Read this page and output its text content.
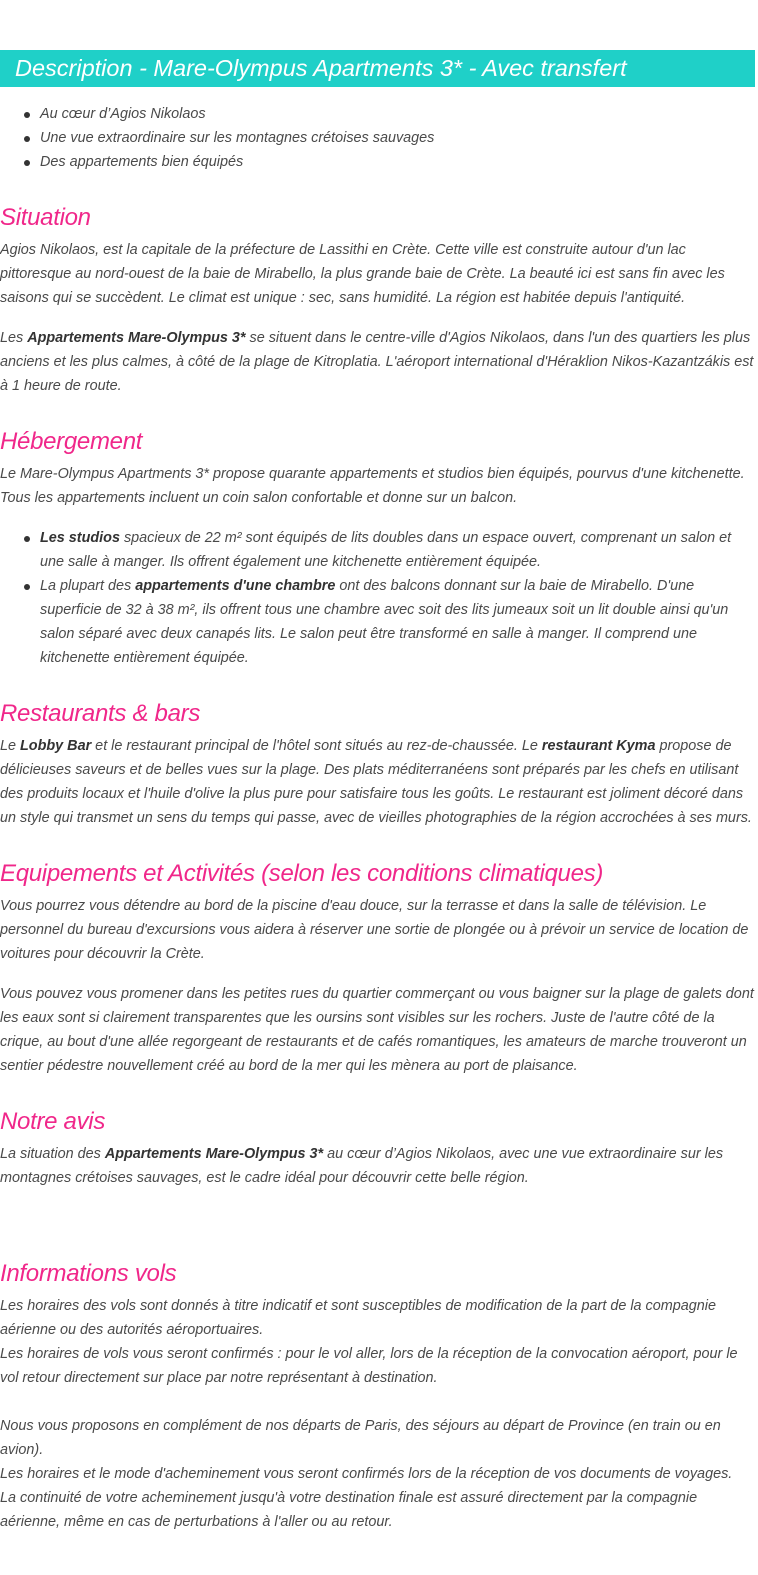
Description - Mare-Olympus Apartments 3* - Avec transfert
Au cœur d’Agios Nikolaos
Une vue extraordinaire sur les montagnes crétoises sauvages
Des appartements bien équipés
Situation

Agios Nikolaos, est la capitale de la préfecture de Lassithi en Crète. Cette ville est construite autour d'un lac pittoresque au nord-ouest de la baie de Mirabello, la plus grande baie de Crète. La beauté ici est sans fin avec les saisons qui se succèdent. Le climat est unique : sec, sans humidité. La région est habitée depuis l'antiquité.

Les Appartements Mare-Olympus 3* se situent dans le centre-ville d'Agios Nikolaos, dans l'un des quartiers les plus anciens et les plus calmes, à côté de la plage de Kitroplatia. L'aéroport international d'Héraklion Nikos-Kazantzákis est à 1 heure de route.

Hébergement

Le Mare-Olympus Apartments 3* propose quarante appartements et studios bien équipés, pourvus d'une kitchenette. Tous les appartements incluent un coin salon confortable et donne sur un balcon.

Les studios spacieux de 22 m² sont équipés de lits doubles dans un espace ouvert, comprenant un salon et une salle à manger. Ils offrent également une kitchenette entièrement équipée.
La plupart des appartements d'une chambre ont des balcons donnant sur la baie de Mirabello. D'une superficie de 32 à 38 m², ils offrent tous une chambre avec soit des lits jumeaux soit un lit double ainsi qu'un salon séparé avec deux canapés lits. Le salon peut être transformé en salle à manger. Il comprend une kitchenette entièrement équipée.
Restaurants & bars

Le Lobby Bar et le restaurant principal de l'hôtel sont situés au rez-de-chaussée. Le restaurant Kyma propose de délicieuses saveurs et de belles vues sur la plage. Des plats méditerranéens sont préparés par les chefs en utilisant des produits locaux et l'huile d'olive la plus pure pour satisfaire tous les goûts. Le restaurant est joliment décoré dans un style qui transmet un sens du temps qui passe, avec de vieilles photographies de la région accrochées à ses murs.

Equipements et Activités (selon les conditions climatiques)

Vous pourrez vous détendre au bord de la piscine d'eau douce, sur la terrasse et dans la salle de télévision. Le personnel du bureau d'excursions vous aidera à réserver une sortie de plongée ou à prévoir un service de location de voitures pour découvrir la Crète.

Vous pouvez vous promener dans les petites rues du quartier commerçant ou vous baigner sur la plage de galets dont les eaux sont si clairement transparentes que les oursins sont visibles sur les rochers. Juste de l'autre côté de la crique, au bout d'une allée regorgeant de restaurants et de cafés romantiques, les amateurs de marche trouveront un sentier pédestre nouvellement créé au bord de la mer qui les mènera au port de plaisance.

Notre avis

La situation des Appartements Mare-Olympus 3* au cœur d’Agios Nikolaos, avec une vue extraordinaire sur les montagnes crétoises sauvages, est le cadre idéal pour découvrir cette belle région.

Informations vols

Les horaires des vols sont donnés à titre indicatif et sont susceptibles de modification de la part de la compagnie aérienne ou des autorités aéroportuaires.

Les horaires de vols vous seront confirmés : pour le vol aller, lors de la réception de la convocation aéroport, pour le vol retour directement sur place par notre représentant à destination.

Nous vous proposons en complément de nos départs de Paris, des séjours au départ de Province (en train ou en avion).

Les horaires et le mode d'acheminement vous seront confirmés lors de la réception de vos documents de voyages.

La continuité de votre acheminement jusqu'à votre destination finale est assuré directement par la compagnie aérienne, même en cas de perturbations à l'aller ou au retour.
